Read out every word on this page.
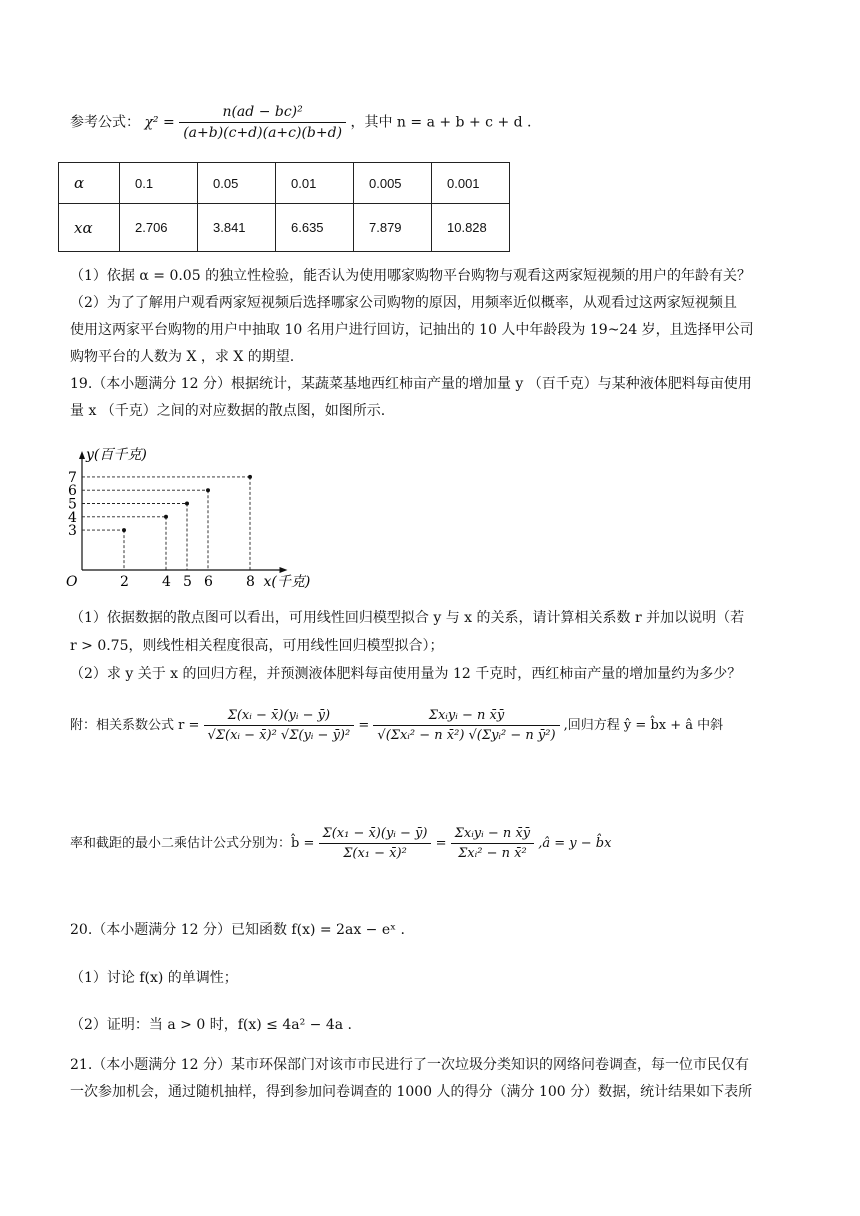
参考公式： $\chi^2 = \frac{\text{n(ad − bc)²}}{(a+b)(c+d)(a+c)(b+d)}$ ，其中 n = a + b + c + d .
α	0.1	0.05	0.01	0.005	0.001
xα	2.706	3.841	6.635	7.879	10.828
（1）依据 α = 0.05 的独立性检验，能否认为使用哪家购物平台购物与观看这两家短视频的用户的年龄有关？
（2）为了了解用户观看两家短视频后选择哪家公司购物的原因，用频率近似概率，从观看过这两家短视频且
使用这两家平台购物的用户中抽取 10 名用户进行回访，记抽出的 10 人中年龄段为 19~24 岁，且选择甲公司
购物平台的人数为 X ，求 X 的期望.
19.（本小题满分 12 分）根据统计，某蔬菜基地西红柿亩产量的增加量 y （百千克）与某种液体肥料每亩使用
量 x （千克）之间的对应数据的散点图，如图所示.
y(百千克)
x(千克)
O	2 4 5 6 8
3
4
5
6
7
（1）依据数据的散点图可以看出，可用线性回归模型拟合 y 与 x 的关系，请计算相关系数 r 并加以说明（若
r > 0.75，则线性相关程度很高，可用线性回归模型拟合）；
（2）求 y 关于 x 的回归方程，并预测液体肥料每亩使用量为 12 千克时，西红柿亩产量的增加量约为多少？
附：相关系数公式 $r = \frac{\text{Σ(xᵢ − x̄)(yᵢ − ȳ)}}{\text{√Σ(xᵢ − x̄)² √Σ(yᵢ − ȳ)²}} = \frac{\text{Σxᵢyᵢ − n x̄ȳ}}{\text{√(Σxᵢ² − n x̄²) √(Σyᵢ² − n ȳ²)}}$ ,回归方程 ŷ = b̂x + â 中斜
率和截距的最小二乘估计公式分别为：b̂ = $\frac{\text{Σ(x₁ − x̄)(yᵢ − ȳ)}}{\text{Σ(x₁ − x̄)²}} = \frac{\text{Σxᵢyᵢ − n x̄ȳ}}{\text{Σxᵢ² − n x̄²}}$ ,â = y − b̂x
20.（本小题满分 12 分）已知函数 f(x) = 2ax − eˣ .
（1）讨论 f(x) 的单调性；
（2）证明：当 a > 0 时，f(x) ≤ 4a² − 4a .
21.（本小题满分 12 分）某市环保部门对该市市民进行了一次垃圾分类知识的网络问卷调查，每一位市民仅有
一次参加机会，通过随机抽样，得到参加问卷调查的 1000 人的得分（满分 100 分）数据，统计结果如下表所
